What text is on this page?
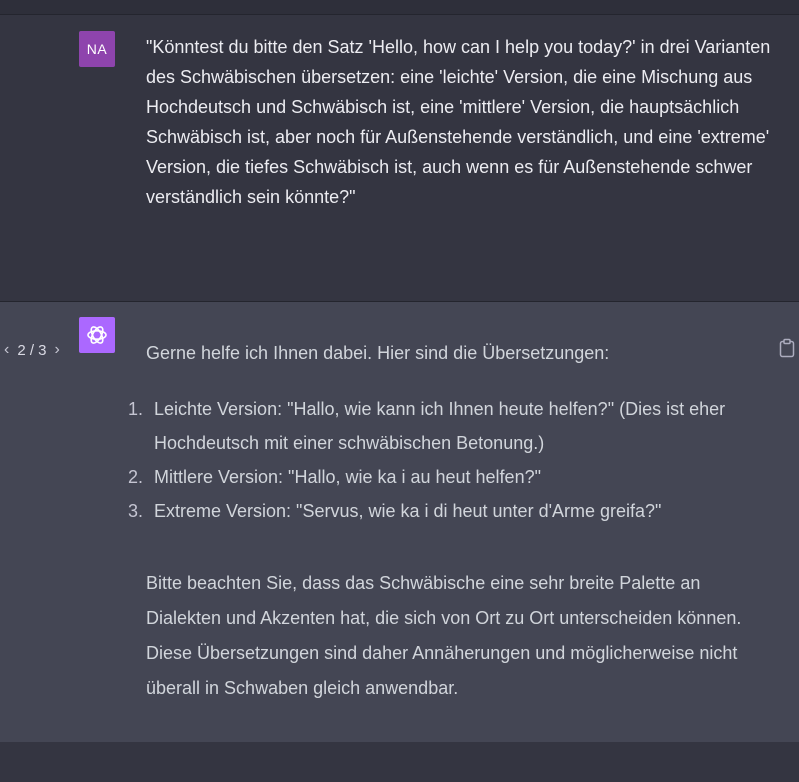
NA "Könntest du bitte den Satz 'Hello, how can I help you today?' in drei Varianten des Schwäbischen übersetzen: eine 'leichte' Version, die eine Mischung aus Hochdeutsch und Schwäbisch ist, eine 'mittlere' Version, die hauptsächlich Schwäbisch ist, aber noch für Außenstehende verständlich, und eine 'extreme' Version, die tiefes Schwäbisch ist, auch wenn es für Außenstehende schwer verständlich sein könnte?"

‹ 2 / 3 ›	Gerne helfe ich Ihnen dabei. Hier sind die Übersetzungen:

1. Leichte Version: "Hallo, wie kann ich Ihnen heute helfen?" (Dies ist eher Hochdeutsch mit einer schwäbischen Betonung.)
2. Mittlere Version: "Hallo, wie ka i au heut helfen?"
3. Extreme Version: "Servus, wie ka i di heut unter d'Arme greifa?"

Bitte beachten Sie, dass das Schwäbische eine sehr breite Palette an Dialekten und Akzenten hat, die sich von Ort zu Ort unterscheiden können. Diese Übersetzungen sind daher Annäherungen und möglicherweise nicht überall in Schwaben gleich anwendbar.
